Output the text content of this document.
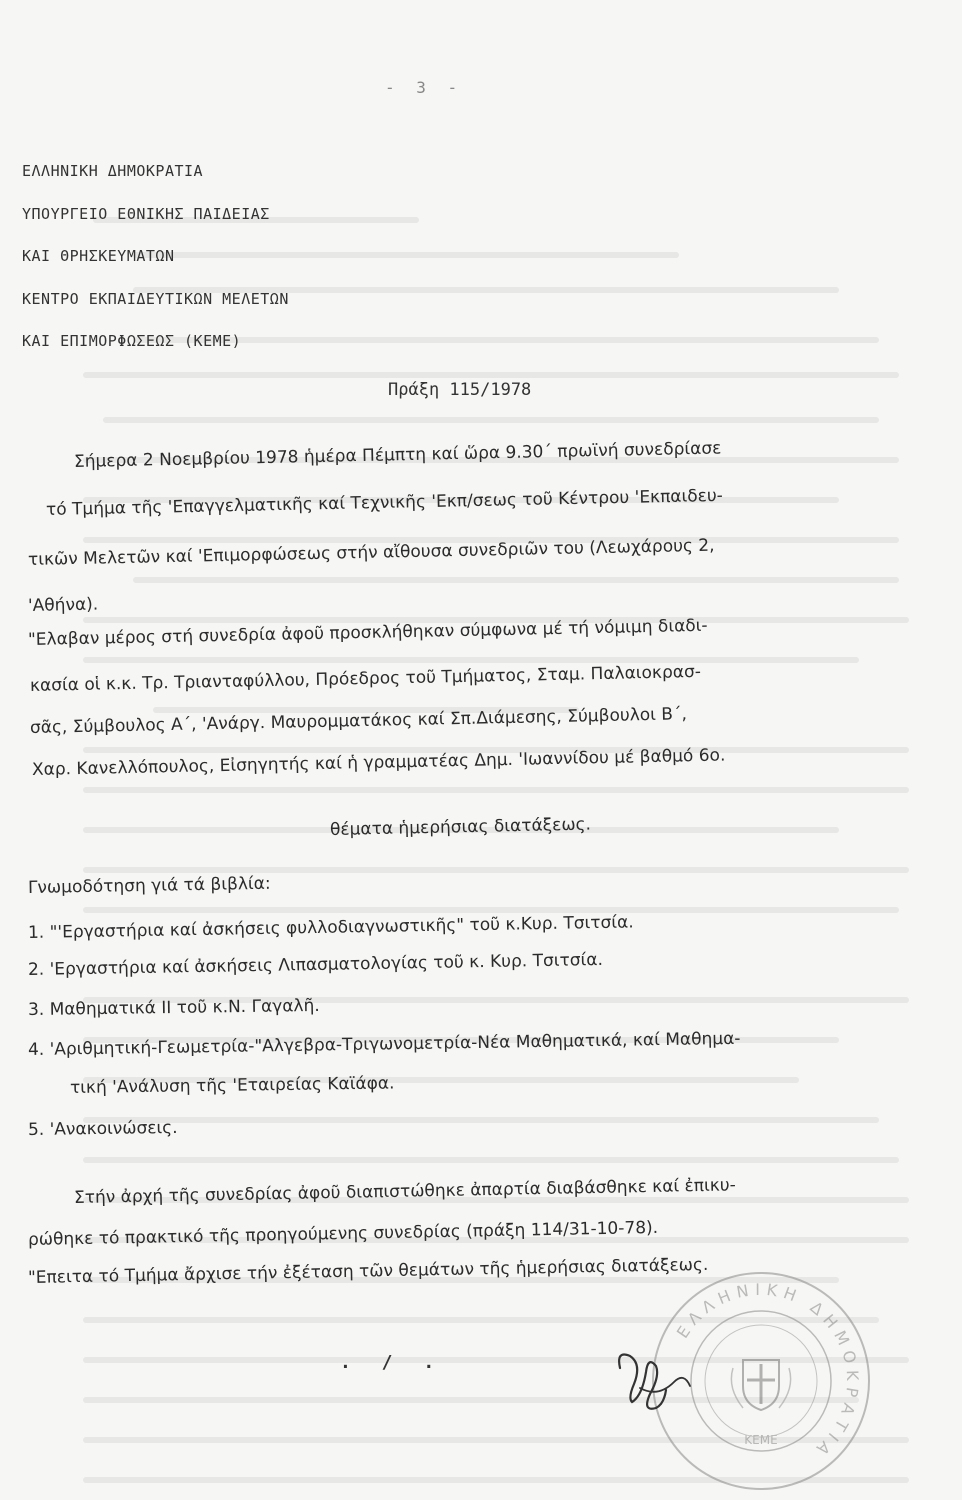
- 3 -
ΕΛΛΗΝΙΚΗ ΔΗΜΟΚΡΑΤΙΑ
ΥΠΟΥΡΓΕΙΟ ΕΘΝΙΚΗΣ ΠΑΙΔΕΙΑΣ
ΚΑΙ ΘΡΗΣΚΕΥΜΑΤΩΝ
ΚΕΝΤΡΟ ΕΚΠΑΙΔΕΥΤΙΚΩΝ ΜΕΛΕΤΩΝ
ΚΑΙ ΕΠΙΜΟΡΦΩΣΕΩΣ (ΚΕΜΕ)
Πράξη 115/1978
Σήμερα 2 Νοεμβρίου 1978 ἡμέρα Πέμπτη καί ὥρα 9.30΄ πρωϊνή συνεδρίασε
τό Τμήμα τῆς 'Επαγγελματικῆς καί Τεχνικῆς 'Εκπ/σεως τοῦ Κέντρου 'Εκπαιδευ-
τικῶν Μελετῶν καί 'Επιμορφώσεως στήν αἴθουσα συνεδριῶν του (Λεωχάρους 2,
'Αθήνα).
"Ελαβαν μέρος στή συνεδρία ἀφοῦ προσκλήθηκαν σύμφωνα μέ τή νόμιμη διαδι-
κασία οἱ κ.κ. Τρ. Τριανταφύλλου, Πρόεδρος τοῦ Τμήματος, Σταμ. Παλαιοκρασ-
σᾶς, Σύμβουλος Α΄, 'Ανάργ. Μαυρομματάκος καί Σπ.Διάμεσης, Σύμβουλοι Β΄,
Χαρ. Κανελλόπουλος, Εἰσηγητής καί ἡ γραμματέας Δημ. 'Ιωαννίδου μέ βαθμό 6ο.
θέματα ἡμερήσιας διατάξεως.
Γνωμοδότηση γιά τά βιβλία:
1. "'Εργαστήρια καί ἀσκήσεις φυλλοδιαγνωστικῆς" τοῦ κ.Κυρ. Τσιτσία.
2. 'Εργαστήρια καί ἀσκήσεις Λιπασματολογίας τοῦ κ. Κυρ. Τσιτσία.
3. Μαθηματικά ΙΙ τοῦ κ.Ν. Γαγαλῆ.
4. 'Αριθμητική-Γεωμετρία-"Αλγεβρα-Τριγωνομετρία-Νέα Μαθηματικά, καί Μαθημα-
τική 'Ανάλυση τῆς 'Εταιρείας Καϊάφα.
5. 'Ανακοινώσεις.
Στήν ἀρχή τῆς συνεδρίας ἀφοῦ διαπιστώθηκε ἀπαρτία διαβάσθηκε καί ἐπικυ-
ρώθηκε τό πρακτικό τῆς προηγούμενης συνεδρίας (πράξη 114/31-10-78).
"Επειτα τό Τμήμα ἄρχισε τήν ἐξέταση τῶν θεμάτων τῆς ἡμερήσιας διατάξεως.
. / .
ΕΛΛΗΝΙΚΗ ΔΗΜΟΚΡΑΤΙΑ
ΚΕΜΕ
